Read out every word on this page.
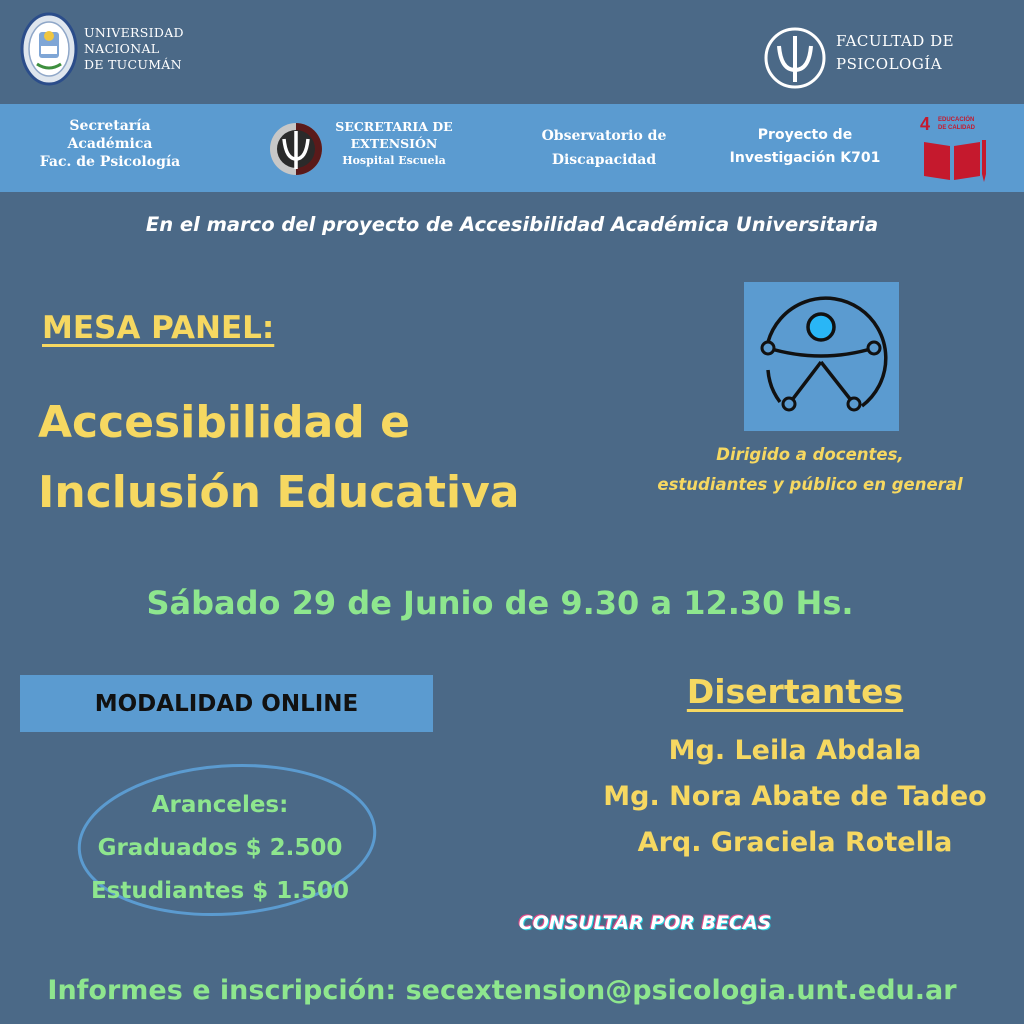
UNIVERSIDAD
NACIONAL
DE TUCUMÁN
FACULTAD DE
PSICOLOGÍA
Secretaría
Académica
Fac. de Psicología
SECRETARIA DE
EXTENSIÓN
Hospital Escuela
Observatorio de
Discapacidad
Proyecto de
Investigación K701
4 EDUCACIÓN
DE CALIDAD
En el marco del proyecto de Accesibilidad Académica Universitaria
MESA PANEL:
Accesibilidad e
Inclusión Educativa
Dirigido a docentes,
estudiantes y público en general
Sábado 29 de Junio de 9.30 a 12.30 Hs.
MODALIDAD ONLINE
Aranceles:
Graduados $ 2.500
Estudiantes $ 1.500
Disertantes
Mg. Leila Abdala
Mg. Nora Abate de Tadeo
Arq. Graciela Rotella
CONSULTAR POR BECAS
Informes e inscripción: secextension@psicologia.unt.edu.ar
